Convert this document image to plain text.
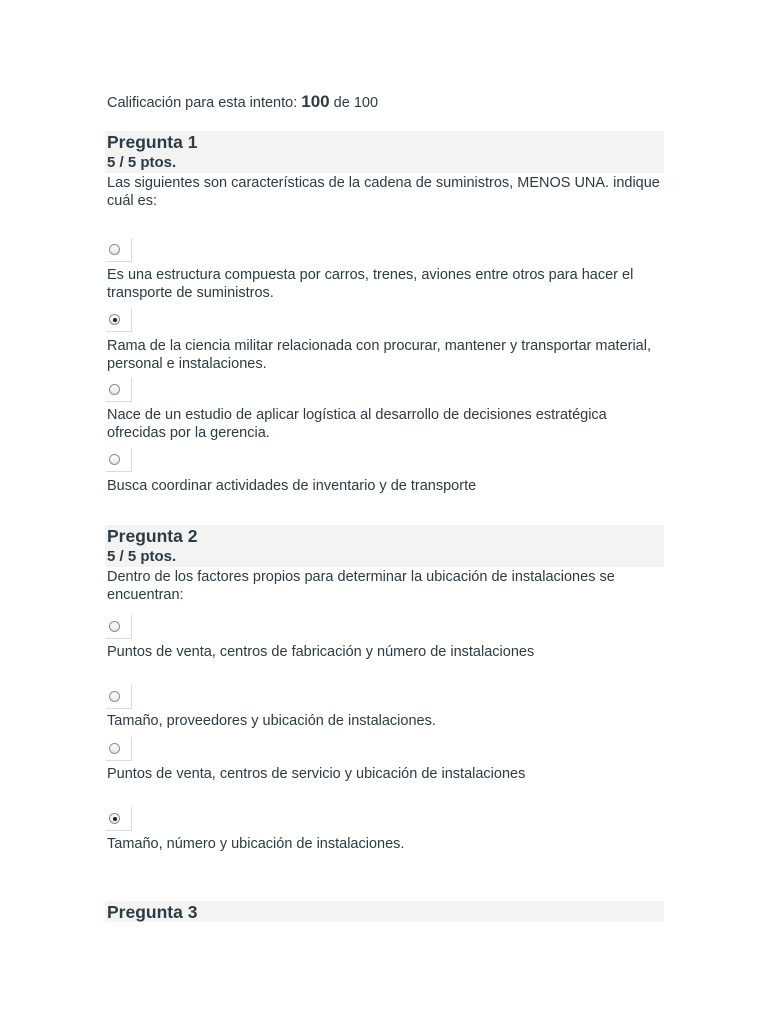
Calificación para esta intento: 100 de 100
Pregunta 1
5 / 5 ptos.
Las siguientes son características de la cadena de suministros, MENOS UNA. indique cuál es:
Es una estructura compuesta por carros, trenes, aviones entre otros para hacer el transporte de suministros.
Rama de la ciencia militar relacionada con procurar, mantener y transportar material, personal e instalaciones.
Nace de un estudio de aplicar logística al desarrollo de decisiones estratégica ofrecidas por la gerencia.
Busca coordinar actividades de inventario y de transporte
Pregunta 2
5 / 5 ptos.
Dentro de los factores propios para determinar la ubicación de instalaciones se encuentran:
Puntos de venta, centros de fabricación y número de instalaciones
Tamaño, proveedores y ubicación de instalaciones.
Puntos de venta, centros de servicio y ubicación de instalaciones
Tamaño, número y ubicación de instalaciones.
Pregunta 3
